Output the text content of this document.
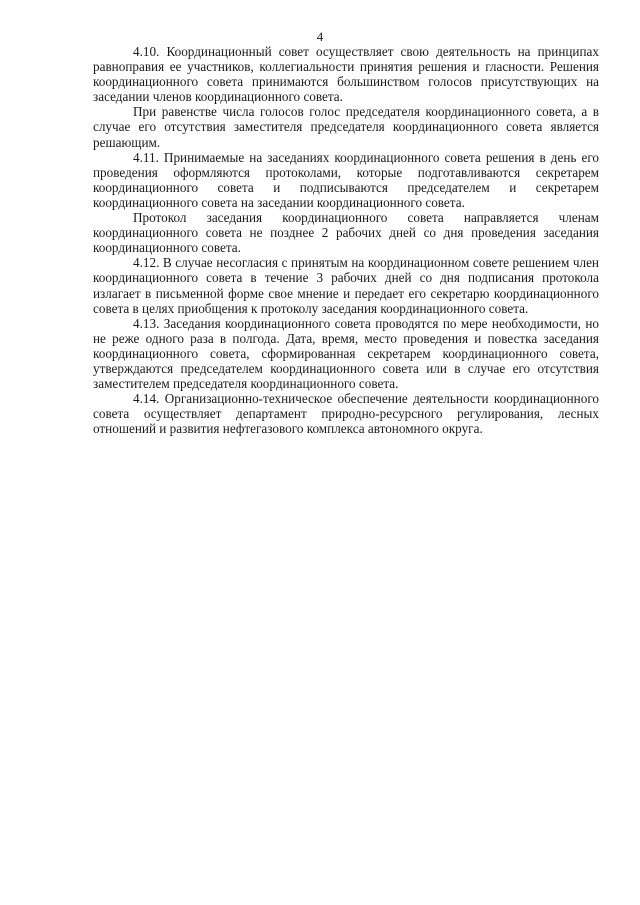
4

4.10. Координационный совет осуществляет свою деятельность на принципах равноправия ее участников, коллегиальности принятия решения и гласности. Решения координационного совета принимаются большинством голосов присутствующих на заседании членов координационного совета.

При равенстве числа голосов голос председателя координационного совета, а в случае его отсутствия заместителя председателя координационного совета является решающим.

4.11. Принимаемые на заседаниях координационного совета решения в день его проведения оформляются протоколами, которые подготавливаются секретарем координационного совета и подписываются председателем и секретарем координационного совета на заседании координационного совета.

Протокол заседания координационного совета направляется членам координационного совета не позднее 2 рабочих дней со дня проведения заседания координационного совета.

4.12. В случае несогласия с принятым на координационном совете решением член координационного совета в течение 3 рабочих дней со дня подписания протокола излагает в письменной форме свое мнение и передает его секретарю координационного совета в целях приобщения к протоколу заседания координационного совета.

4.13. Заседания координационного совета проводятся по мере необходимости, но не реже одного раза в полгода. Дата, время, место проведения и повестка заседания координационного совета, сформированная секретарем координационного совета, утверждаются председателем координационного совета или в случае его отсутствия заместителем председателя координационного совета.

4.14. Организационно-техническое обеспечение деятельности координационного совета осуществляет департамент природно-ресурсного регулирования, лесных отношений и развития нефтегазового комплекса автономного округа.
